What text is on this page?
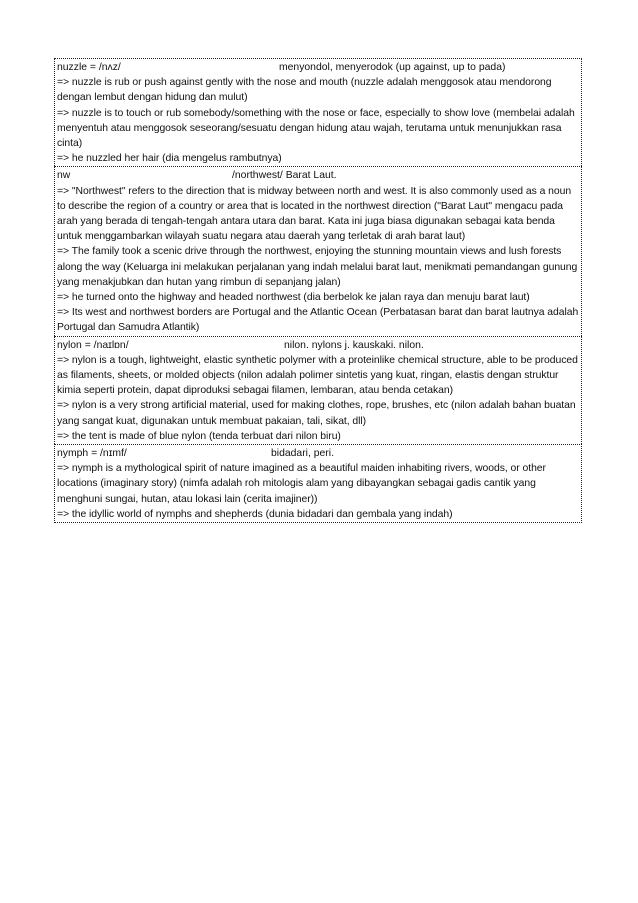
nuzzle = /nʌz/	menyondol, menyerodok (up against, up to pada)
=> nuzzle is rub or push against gently with the nose and mouth (nuzzle adalah menggosok atau mendorong dengan lembut dengan hidung dan mulut)
=> nuzzle is to touch or rub somebody/something with the nose or face, especially to show love (membelai adalah menyentuh atau menggosok seseorang/sesuatu dengan hidung atau wajah, terutama untuk menunjukkan rasa cinta)
=> he nuzzled her hair (dia mengelus rambutnya)
nw	/northwest/ Barat Laut.
=> "Northwest" refers to the direction that is midway between north and west. It is also commonly used as a noun to describe the region of a country or area that is located in the northwest direction ("Barat Laut" mengacu pada arah yang berada di tengah-tengah antara utara dan barat. Kata ini juga biasa digunakan sebagai kata benda untuk menggambarkan wilayah suatu negara atau daerah yang terletak di arah barat laut)
=> The family took a scenic drive through the northwest, enjoying the stunning mountain views and lush forests along the way (Keluarga ini melakukan perjalanan yang indah melalui barat laut, menikmati pemandangan gunung yang menakjubkan dan hutan yang rimbun di sepanjang jalan)
=> he turned onto the highway and headed northwest (dia berbelok ke jalan raya dan menuju barat laut)
=> Its west and northwest borders are Portugal and the Atlantic Ocean (Perbatasan barat dan barat lautnya adalah Portugal dan Samudra Atlantik)
nylon = /naɪlɒn/	nilon. nylons j. kauskaki. nilon.
=> nylon is a tough, lightweight, elastic synthetic polymer with a proteinlike chemical structure, able to be produced as filaments, sheets, or molded objects (nilon adalah polimer sintetis yang kuat, ringan, elastis dengan struktur kimia seperti protein, dapat diproduksi sebagai filamen, lembaran, atau benda cetakan)
=> nylon is a very strong artificial material, used for making clothes, rope, brushes, etc (nilon adalah bahan buatan yang sangat kuat, digunakan untuk membuat pakaian, tali, sikat, dll)
=> the tent is made of blue nylon (tenda terbuat dari nilon biru)
nymph = /nɪmf/	bidadari, peri.
=> nymph is a mythological spirit of nature imagined as a beautiful maiden inhabiting rivers, woods, or other locations (imaginary story) (nimfa adalah roh mitologis alam yang dibayangkan sebagai gadis cantik yang menghuni sungai, hutan, atau lokasi lain (cerita imajiner))
=> the idyllic world of nymphs and shepherds (dunia bidadari dan gembala yang indah)
